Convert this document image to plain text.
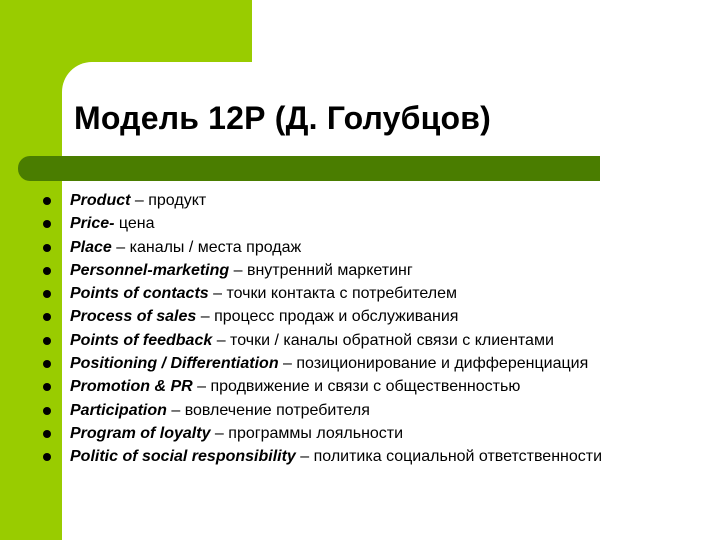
Модель 12Р (Д. Голубцов)
Product – продукт
Price- цена
Place – каналы / места продаж
Personnel-marketing – внутренний маркетинг
Points of contacts – точки контакта с потребителем
Process of sales – процесс продаж и обслуживания
Points of feedback – точки / каналы обратной связи с клиентами
Positioning / Differentiation – позиционирование и дифференциация
Promotion & PR – продвижение и связи с общественностью
Participation – вовлечение потребителя
Program of loyalty – программы лояльности
Politic of social responsibility – политика социальной ответственности
